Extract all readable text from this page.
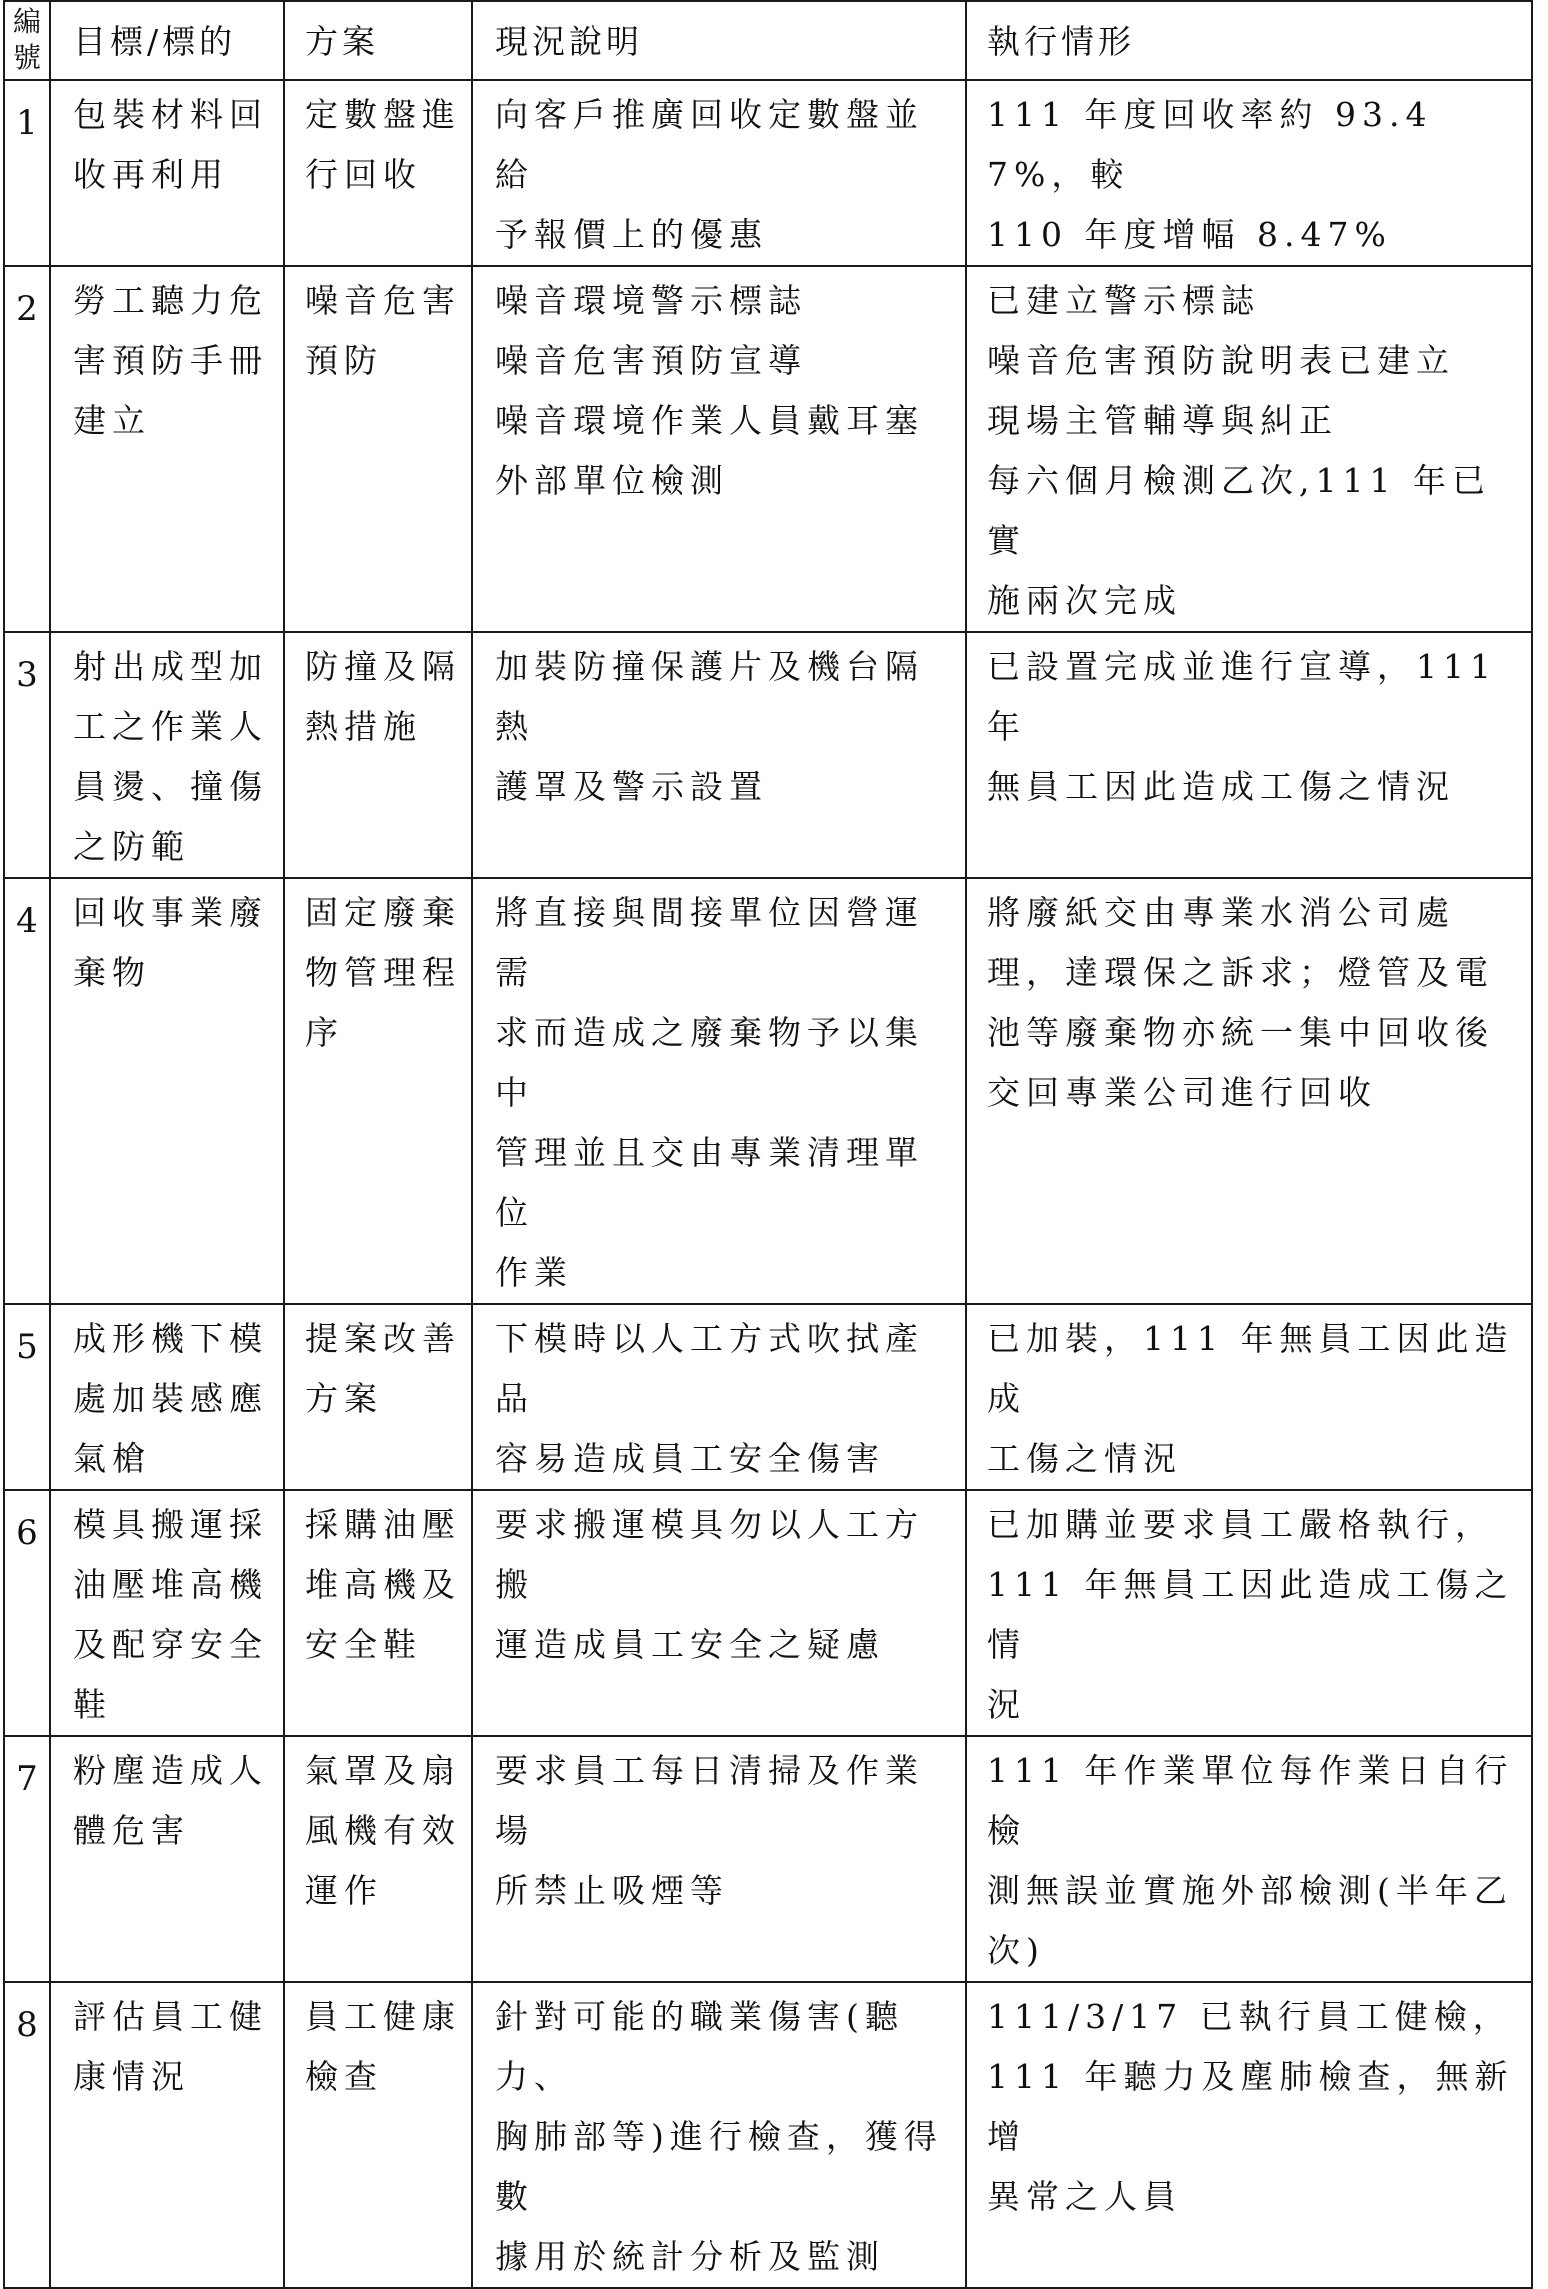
編
號	目標/標的	方案	現況說明	執行情形

1	包裝材料回
收再利用	定數盤進
行回收	向客戶推廣回收定數盤並給
予報價上的優惠	111 年度回收率約 93.47%，較
110 年度增幅 8.47%

2	勞工聽力危
害預防手冊
建立	噪音危害
預防	噪音環境警示標誌
噪音危害預防宣導
噪音環境作業人員戴耳塞
外部單位檢測	已建立警示標誌
噪音危害預防說明表已建立
現場主管輔導與糾正
每六個月檢測乙次,111 年已實
施兩次完成

3	射出成型加
工之作業人
員燙、撞傷
之防範	防撞及隔
熱措施	加裝防撞保護片及機台隔熱
護罩及警示設置	已設置完成並進行宣導，111 年
無員工因此造成工傷之情況

4	回收事業廢
棄物	固定廢棄
物管理程
序	將直接與間接單位因營運需
求而造成之廢棄物予以集中
管理並且交由專業清理單位
作業	將廢紙交由專業水消公司處
理，達環保之訴求；燈管及電
池等廢棄物亦統一集中回收後
交回專業公司進行回收

5	成形機下模
處加裝感應
氣槍	提案改善
方案	下模時以人工方式吹拭產品
容易造成員工安全傷害	已加裝，111 年無員工因此造成
工傷之情況

6	模具搬運採
油壓堆高機
及配穿安全
鞋	採購油壓
堆高機及
安全鞋	要求搬運模具勿以人工方搬
運造成員工安全之疑慮	已加購並要求員工嚴格執行，
111 年無員工因此造成工傷之情
況

7	粉塵造成人
體危害	氣罩及扇
風機有效
運作	要求員工每日清掃及作業場
所禁止吸煙等	111 年作業單位每作業日自行檢
測無誤並實施外部檢測(半年乙
次)

8	評估員工健
康情況	員工健康
檢查	針對可能的職業傷害(聽力、
胸肺部等)進行檢查，獲得數
據用於統計分析及監測	111/3/17 已執行員工健檢，
111 年聽力及塵肺檢查，無新增
異常之人員
